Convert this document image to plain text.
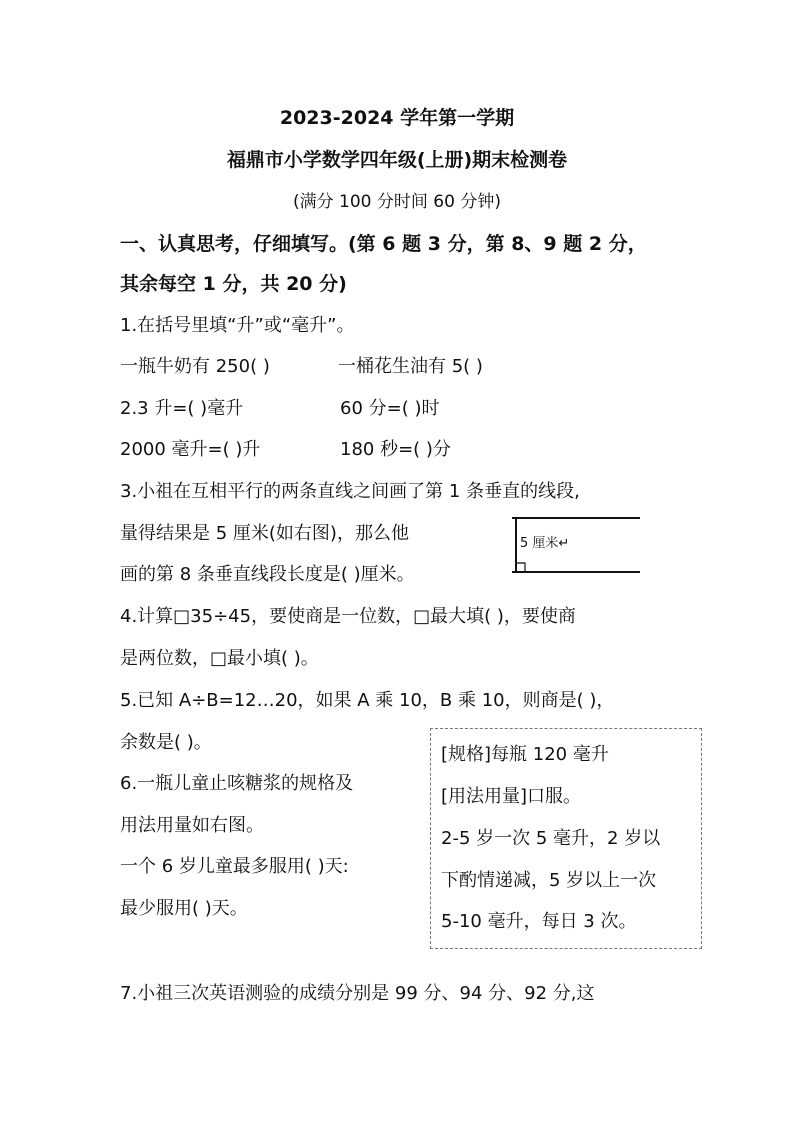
2023-2024 学年第一学期
福鼎市小学数学四年级(上册)期末检测卷
(满分 100 分时间 60 分钟)
一、认真思考，仔细填写。(第 6 题 3 分，第 8、9 题 2 分，
其余每空 1 分，共 20 分)
1.在括号里填“升”或“毫升”。
一瓶牛奶有 250( )	一桶花生油有 5( )
2.3 升=( )毫升	60 分=( )时
2000 毫升=( )升	180 秒=( )分
3.小祖在互相平行的两条直线之间画了第 1 条垂直的线段,
量得结果是 5 厘米(如右图)，那么他
画的第 8 条垂直线段长度是( )厘米。
5 厘米↵
4.计算□35÷45，要使商是一位数，□最大填( )，要使商
是两位数，□最小填( )。
5.已知 A÷B=12…20，如果 A 乘 10，B 乘 10，则商是( )，
余数是( )。
6.一瓶儿童止咳糖浆的规格及
用法用量如右图。
一个 6 岁儿童最多服用( )天:
最少服用( )天。
[规格]每瓶 120 毫升
[用法用量]口服。
2-5 岁一次 5 毫升，2 岁以
下酌情递减，5 岁以上一次
5-10 毫升，每日 3 次。
7.小祖三次英语测验的成绩分别是 99 分、94 分、92 分,这
